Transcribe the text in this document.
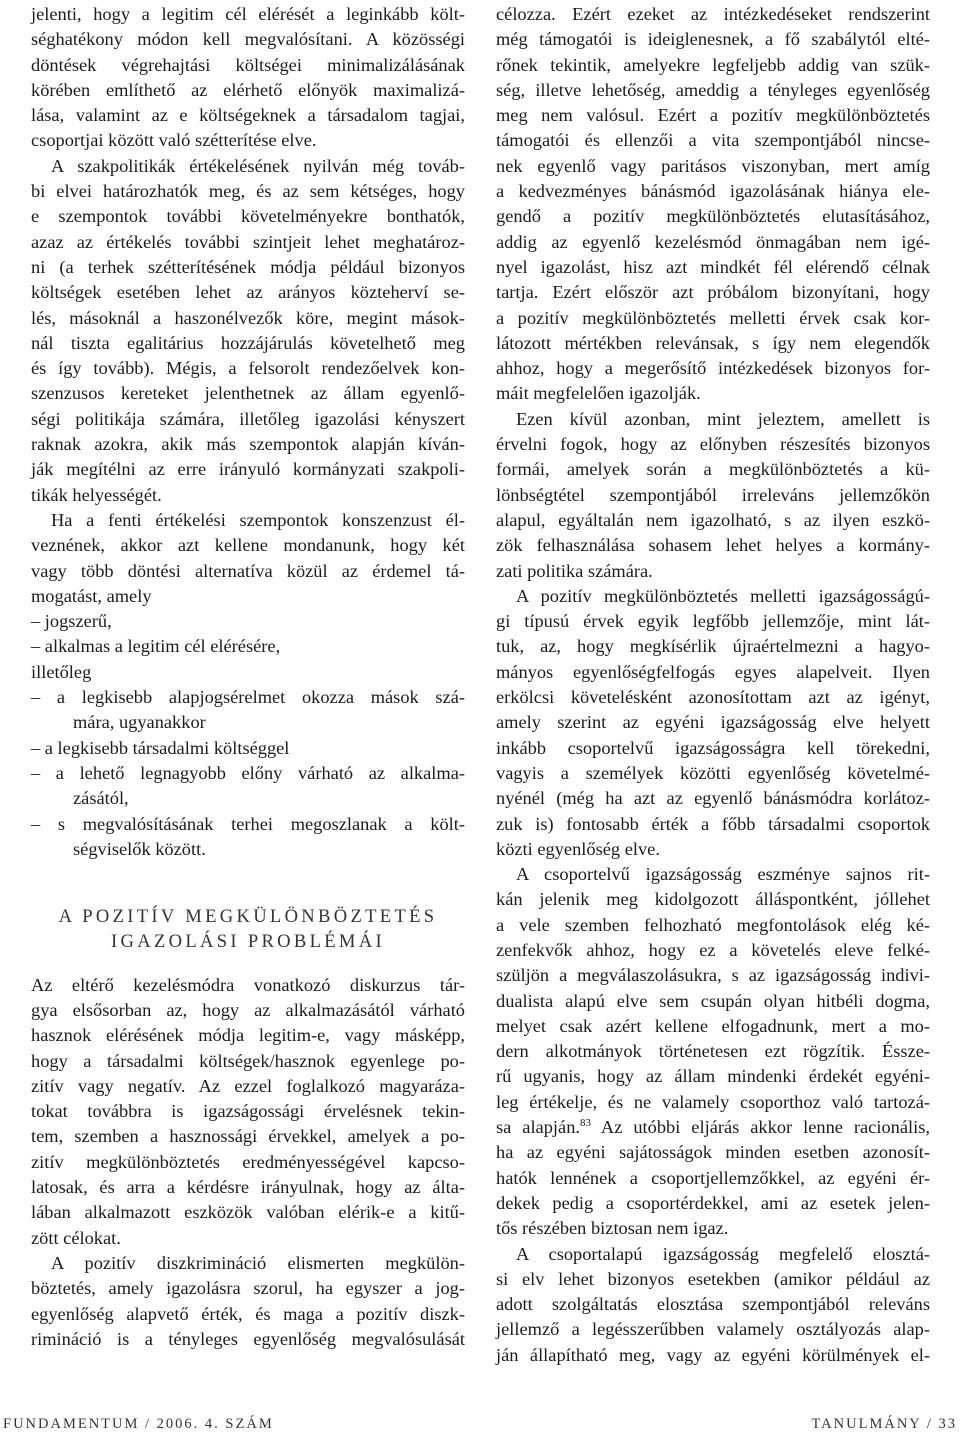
jelenti, hogy a legitim cél elérését a leginkább költ-
séghatékony módon kell megvalósítani. A közösségi
döntések végrehajtási költségei minimalizálásának
körében említhető az elérhető előnyök maximalizá-
lása, valamint az e költségeknek a társadalom tagjai,
csoportjai között való szétterítése elve.
A szakpolitikák értékelésének nyilván még továb-
bi elvei határozhatók meg, és az sem kétséges, hogy
e szempontok további követelményekre bonthatók,
azaz az értékelés további szintjeit lehet meghatároz-
ni (a terhek szétterítésének módja például bizonyos
költségek esetében lehet az arányos közteherví se-
lés, másoknál a haszonélvezők köre, megint mások-
nál tiszta egalitárius hozzájárulás követelhető meg
és így tovább). Mégis, a felsorolt rendezőelvek kon-
szenzusos kereteket jelenthetnek az állam egyenlő-
ségi politikája számára, illetőleg igazolási kényszert
raknak azokra, akik más szempontok alapján kíván-
ják megítélni az erre irányuló kormányzati szakpoli-
tikák helyességét.
Ha a fenti értékelési szempontok konszenzust él-
veznének, akkor azt kellene mondanunk, hogy két
vagy több döntési alternatíva közül az érdemel tá-
mogatást, amely
– jogszerű,
– alkalmas a legitim cél elérésére,
illetőleg
– a legkisebb alapjogsérelmet okozza mások szá-
mára, ugyanakkor
– a legkisebb társadalmi költséggel
– a lehető legnagyobb előny várható az alkalma-
zásától,
– s megvalósításának terhei megoszlanak a költ-
ségviselők között.
A POZITÍV MEGKÜLÖNBÖZTETÉS
IGAZOLÁSI PROBLÉMÁI
Az eltérő kezelésmódra vonatkozó diskurzus tár-
gya elsősorban az, hogy az alkalmazásától várható
hasznok elérésének módja legitim-e, vagy másképp,
hogy a társadalmi költségek/hasznok egyenlege po-
zitív vagy negatív. Az ezzel foglalkozó magyaráza-
tokat továbbra is igazságossági érvelésnek tekin-
tem, szemben a hasznossági érvekkel, amelyek a po-
zitív megkülönböztetés eredményességével kapcso-
latosak, és arra a kérdésre irányulnak, hogy az álta-
lában alkalmazott eszközök valóban elérik-e a kitű-
zött célokat.
A pozitív diszkrimináció elismerten megkülön-
böztetés, amely igazolásra szorul, ha egyszer a jog-
egyenlőség alapvető érték, és maga a pozitív diszk-
rimináció is a tényleges egyenlőség megvalósulását
célozza. Ezért ezeket az intézkedéseket rendszerint
még támogatói is ideiglenesnek, a fő szabálytól elté-
rőnek tekintik, amelyekre legfeljebb addig van szük-
ség, illetve lehetőség, ameddig a tényleges egyenlőség
meg nem valósul. Ezért a pozitív megkülönböztetés
támogatói és ellenzői a vita szempontjából nincse-
nek egyenlő vagy paritásos viszonyban, mert amíg
a kedvezményes bánásmód igazolásának hiánya ele-
gendő a pozitív megkülönböztetés elutasításához,
addig az egyenlő kezelésmód önmagában nem igé-
nyel igazolást, hisz azt mindkét fél elérendő célnak
tartja. Ezért először azt próbálom bizonyítani, hogy
a pozitív megkülönböztetés melletti érvek csak kor-
látozott mértékben relevánsak, s így nem elegendők
ahhoz, hogy a megerősítő intézkedések bizonyos for-
máit megfelelően igazolják.
Ezen kívül azonban, mint jeleztem, amellett is
érvelni fogok, hogy az előnyben részesítés bizonyos
formái, amelyek során a megkülönböztetés a kü-
lönbségtétel szempontjából irreleváns jellemzőkön
alapul, egyáltalán nem igazolható, s az ilyen eszkö-
zök felhasználása sohasem lehet helyes a kormány-
zati politika számára.
A pozitív megkülönböztetés melletti igazságosságú-
gi típusú érvek egyik legfőbb jellemzője, mint lát-
tuk, az, hogy megkísérlik újraértelmezni a hagyo-
mányos egyenlőségfelfogás egyes alapelveit. Ilyen
erkölcsi követelésként azonosítottam azt az igényt,
amely szerint az egyéni igazságosság elve helyett
inkább csoportelvű igazságosságra kell törekedni,
vagyis a személyek közötti egyenlőség követelmé-
nyénél (még ha azt az egyenlő bánásmódra korlátoz-
zuk is) fontosabb érték a főbb társadalmi csoportok
közti egyenlőség elve.
A csoportelvű igazságosság eszménye sajnos rit-
kán jelenik meg kidolgozott álláspontként, jóllehet
a vele szemben felhozható megfontolások elég ké-
zenfekvők ahhoz, hogy ez a követelés eleve felké-
szüljön a megválaszolásukra, s az igazságosság indivi-
dualista alapú elve sem csupán olyan hitbéli dogma,
melyet csak azért kellene elfogadnunk, mert a mo-
dern alkotmányok történetesen ezt rögzítik. Ésszе-
rű ugyanis, hogy az állam mindenki érdekét egyéni-
leg értékelje, és ne valamely csoporthoz való tartozá-
sa alapján.$^{83}$ Az utóbbi eljárás akkor lenne racionális,
ha az egyéni sajátosságok minden esetben azonosít-
hatók lennének a csoportjellemzőkkel, az egyéni ér-
dekek pedig a csoportérdekkel, ami az esetek jelen-
tős részében biztosan nem igaz.
A csoportalapú igazságosság megfelelő elosztá-
si elv lehet bizonyos esetekben (amikor például az
adott szolgáltatás elosztása szempontjából releváns
jellemző a legésszerűbben valamely osztályozás alap-
ján állapítható meg, vagy az egyéni körülmények el-
FUNDAMENTUM / 2006. 4. SZÁM	TANULMÁNY / 33
